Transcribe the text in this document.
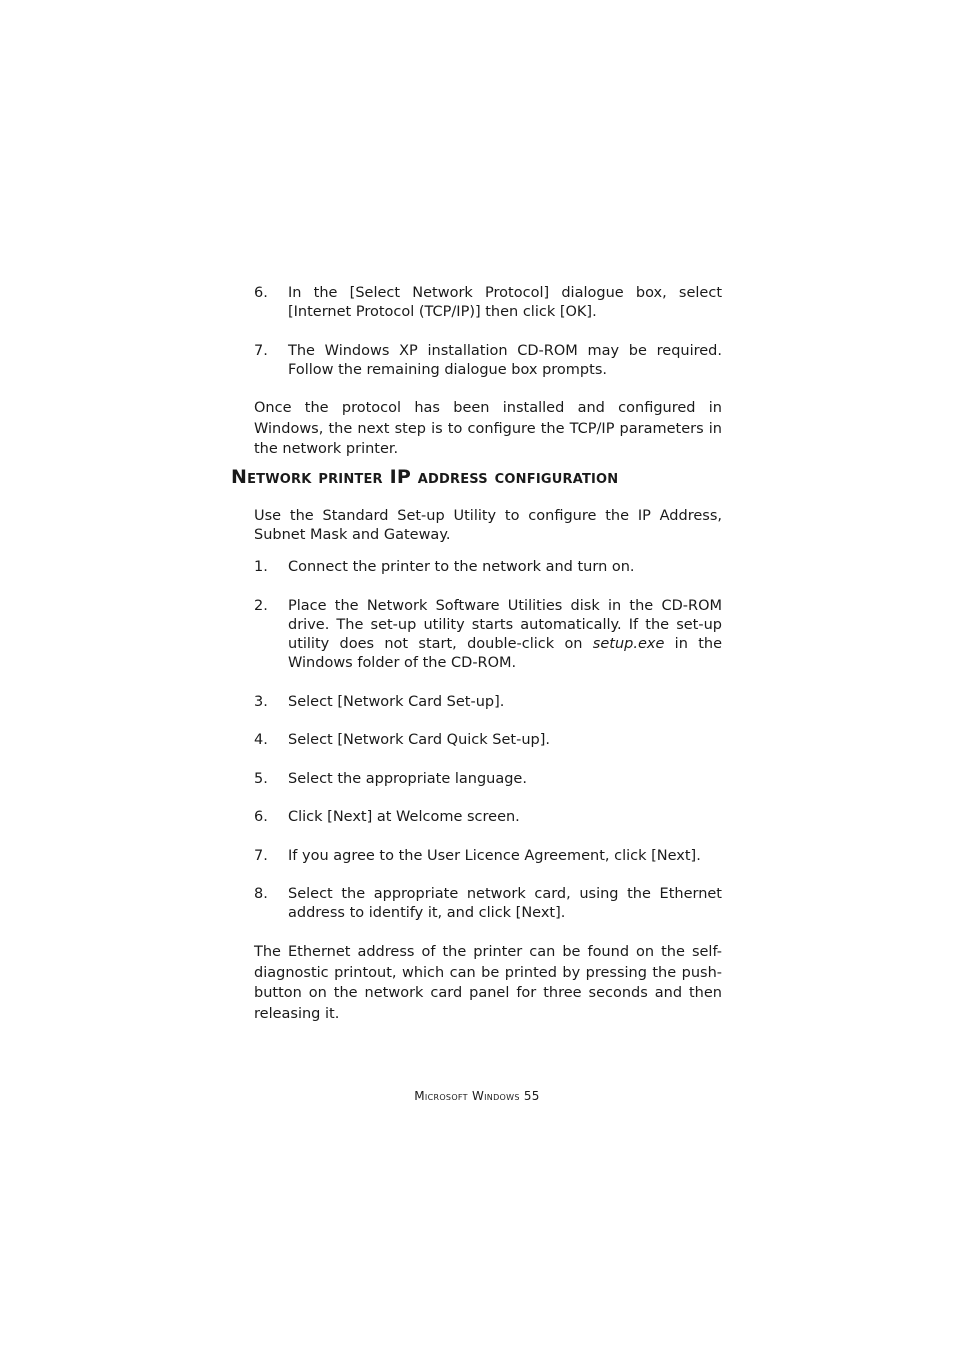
6.	In the [Select Network Protocol] dialogue box, select [Internet Protocol (TCP/IP)] then click [OK].
7.	The Windows XP installation CD-ROM may be required. Follow the remaining dialogue box prompts.
Once the protocol has been installed and configured in Windows, the next step is to configure the TCP/IP parameters in the network printer.
Network printer IP address configuration
Use the Standard Set-up Utility to configure the IP Address, Subnet Mask and Gateway.
1.	Connect the printer to the network and turn on.
2.	Place the Network Software Utilities disk in the CD-ROM drive. The set-up utility starts automatically. If the set-up utility does not start, double-click on setup.exe in the Windows folder of the CD-ROM.
3.	Select [Network Card Set-up].
4.	Select [Network Card Quick Set-up].
5.	Select the appropriate language.
6.	Click [Next] at Welcome screen.
7.	If you agree to the User Licence Agreement, click [Next].
8.	Select the appropriate network card, using the Ethernet address to identify it, and click [Next].
The Ethernet address of the printer can be found on the self-diagnostic printout, which can be printed by pressing the push-button on the network card panel for three seconds and then releasing it.
Microsoft Windows 55
